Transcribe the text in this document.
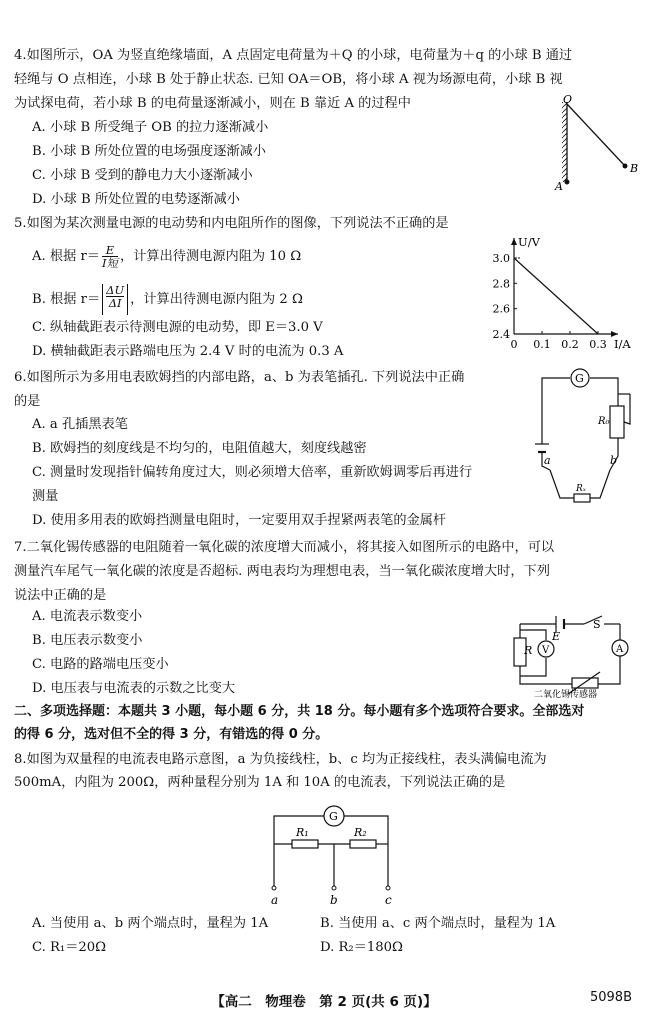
4.如图所示，OA 为竖直绝缘墙面，A 点固定电荷量为＋Q 的小球，电荷量为＋q 的小球 B 通过
轻绳与 O 点相连，小球 B 处于静止状态. 已知 OA＝OB，将小球 A 视为场源电荷，小球 B 视
为试探电荷，若小球 B 的电荷量逐渐减小，则在 B 靠近 A 的过程中
A. 小球 B 所受绳子 OB 的拉力逐渐减小
B. 小球 B 所处位置的电场强度逐渐减小
C. 小球 B 受到的静电力大小逐渐减小
D. 小球 B 所处位置的电势逐渐减小
O
A
B
5.如图为某次测量电源的电动势和内电阻所作的图像，下列说法不正确的是
A. 根据 r＝ E
I短 ，计算出待测电源内阻为 10 Ω
B. 根据 $r= \frac{\Delta U}{\Delta I}$ ，计算出待测电源内阻为 2 Ω
C. 纵轴截距表示待测电源的电动势，即 E＝3.0 V
D. 横轴截距表示路端电压为 2.4 V 时的电流为 0.3 A	0 0.1 0.2 0.3
2.4
2.6
2.8
3.0
U/V
I/A
6.如图所示为多用电表欧姆挡的内部电路，a、b 为表笔插孔. 下列说法中正确
的是
A. a 孔插黑表笔
B. 欧姆挡的刻度线是不均匀的，电阻值越大，刻度线越密
C. 测量时发现指针偏转角度过大，则必须增大倍率，重新欧姆调零后再进行
测量
D. 使用多用表的欧姆挡测量电阻时，一定要用双手捏紧两表笔的金属杆
G
R₀
a	b
Rₓ
7.二氧化锡传感器的电阻随着一氧化碳的浓度增大而减小，将其接入如图所示的电路中，可以
测量汽车尾气一氧化碳的浓度是否超标. 两电表均为理想电表，当一氧化碳浓度增大时，下列
说法中正确的是
A. 电流表示数变小
B. 电压表示数变小
C. 电路的路端电压变小
D. 电压表与电流表的示数之比变大
E
S
R V	A
二氧化锡传感器
二、多项选择题：本题共 3 小题，每小题 6 分，共 18 分。每小题有多个选项符合要求。全部选对
的得 6 分，选对但不全的得 3 分，有错选的得 0 分。
8.如图为双量程的电流表电路示意图，a 为负接线柱，b、c 均为正接线柱，表头满偏电流为
500mA，内阻为 200Ω，两种量程分别为 1A 和 10A 的电流表，下列说法正确的是
G
R₁	R₂
a	b	c
A. 当使用 a、b 两个端点时，量程为 1A	B. 当使用 a、c 两个端点时，量程为 1A
C. R₁＝20Ω	D. R₂＝180Ω
【高二　物理卷　第 2 页(共 6 页)】	5098B
